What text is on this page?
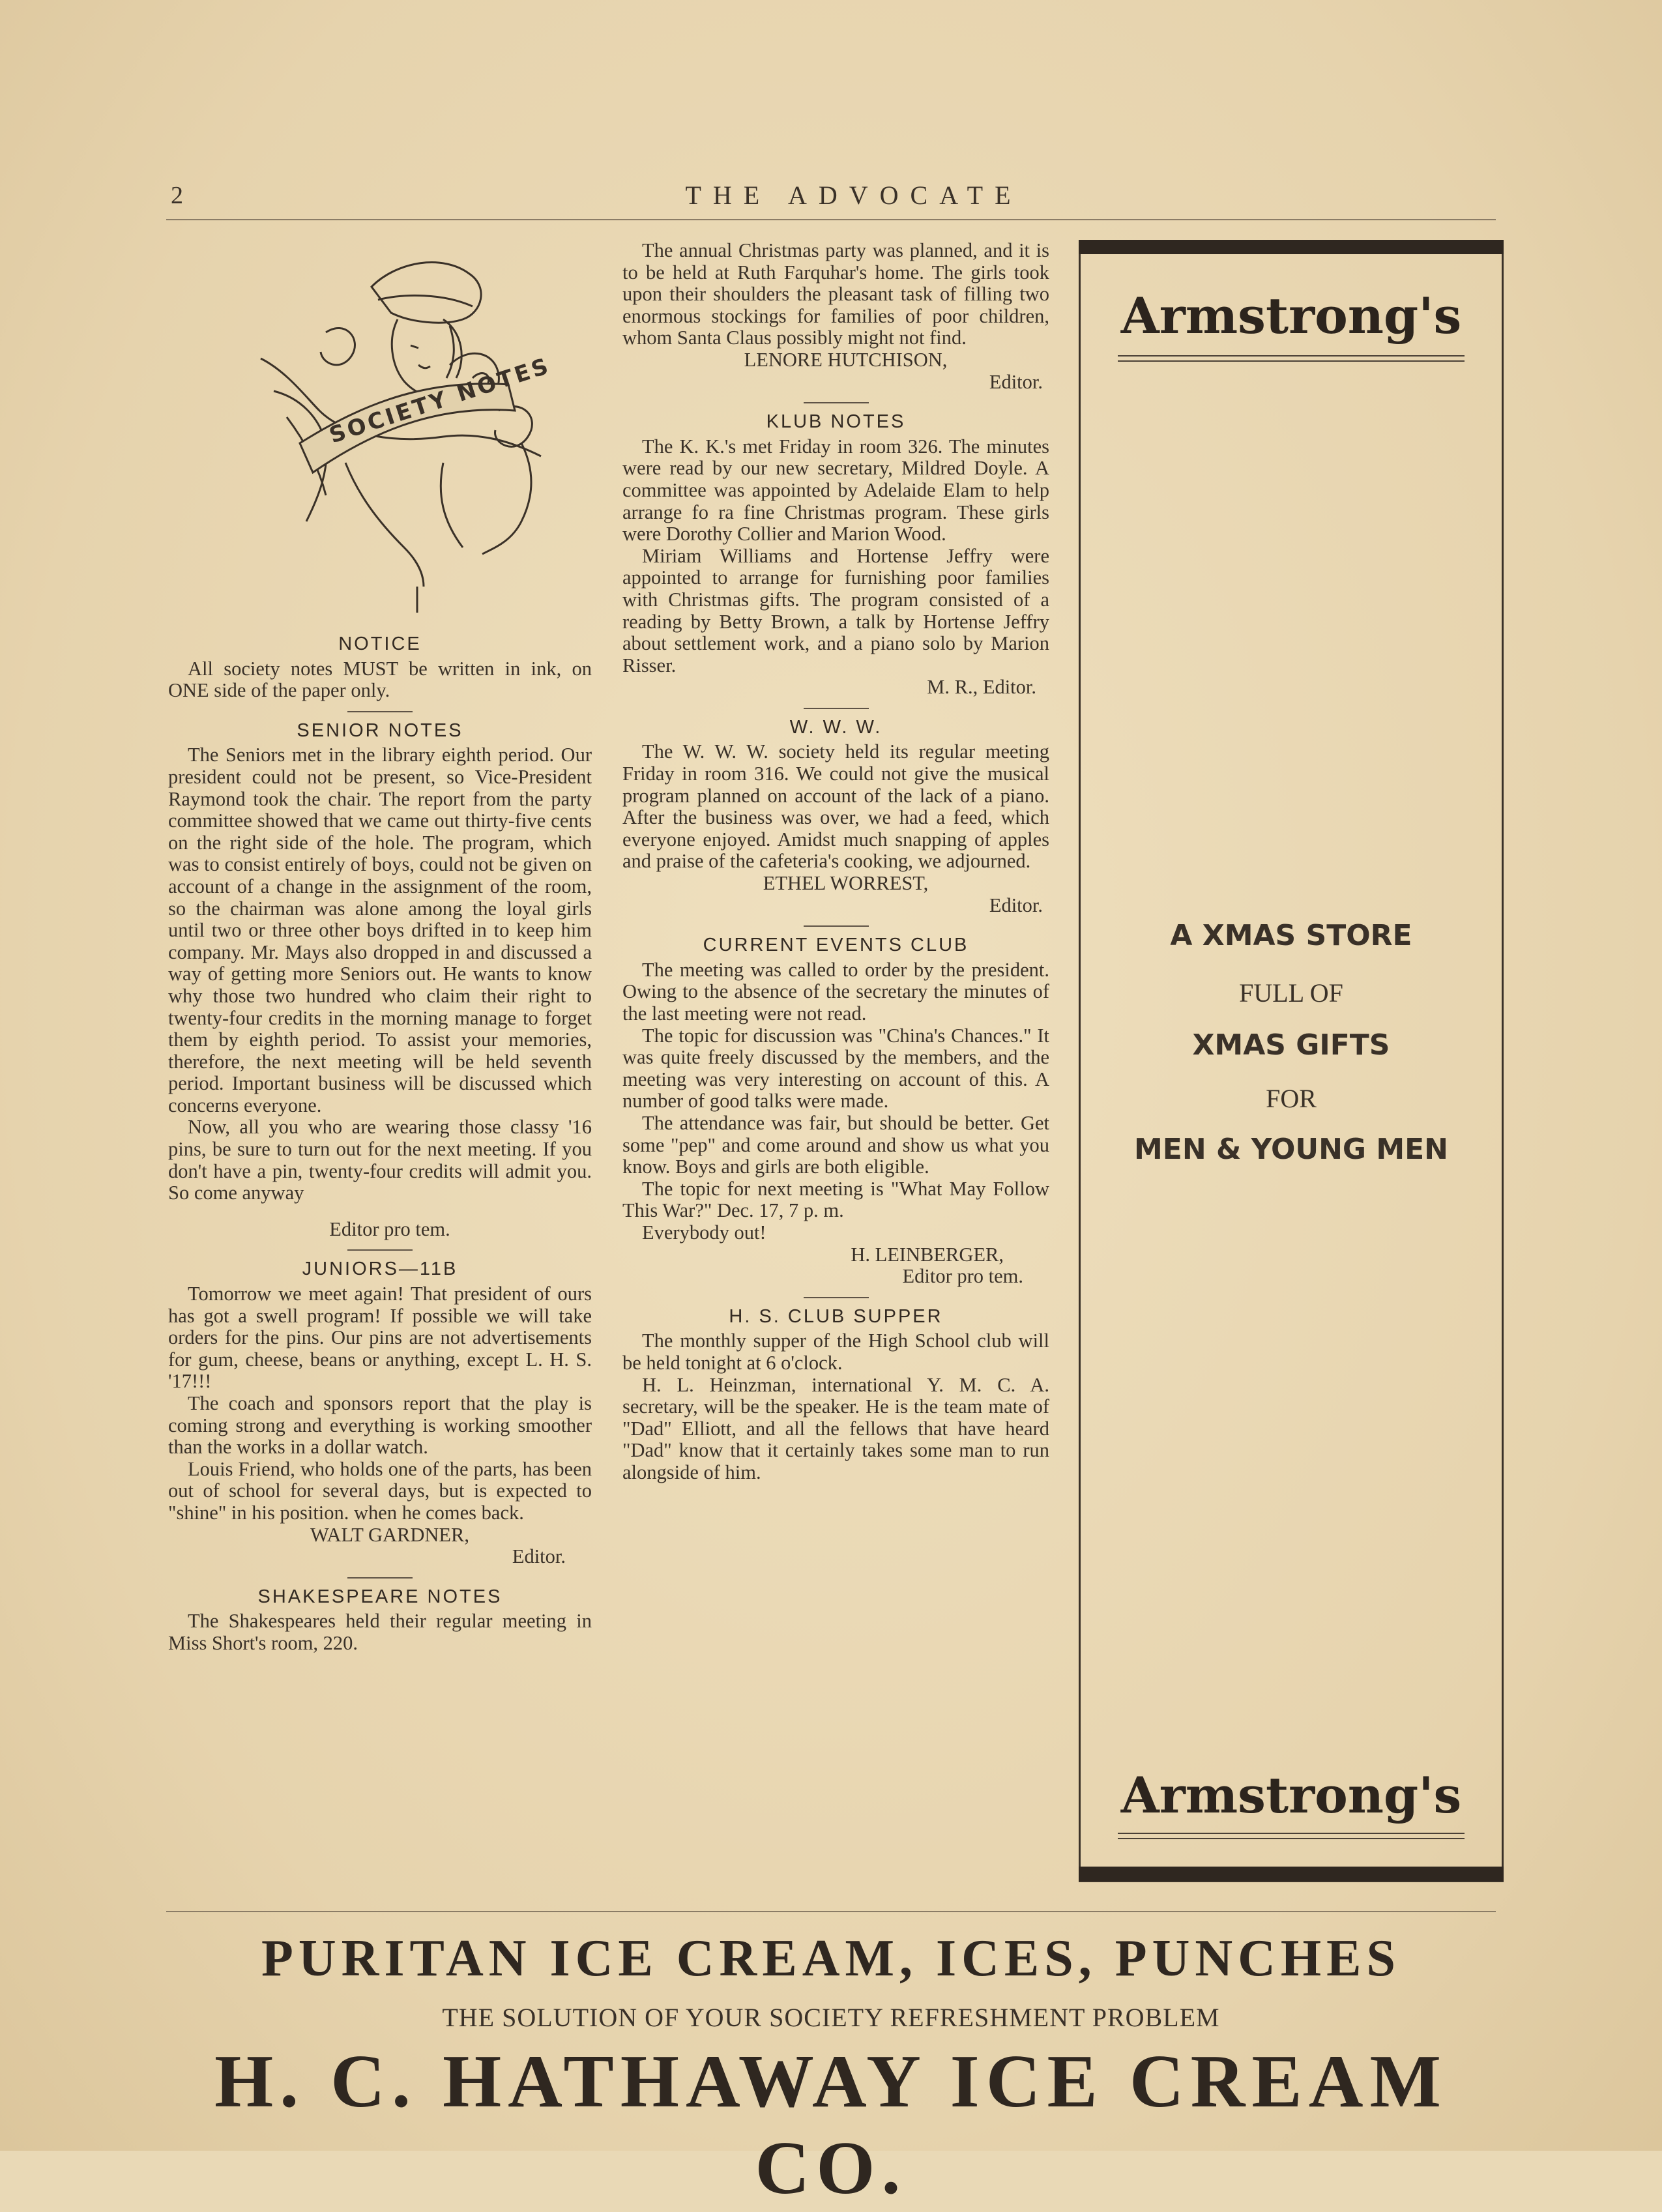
2	THE ADVOCATE
SOCIETY NOTES
NOTICE

All society notes MUST be written in ink, on ONE side of the paper only.

SENIOR NOTES

The Seniors met in the library eighth period. Our president could not be present, so Vice-President Raymond took the chair. The report from the party committee showed that we came out thirty-five cents on the right side of the hole. The program, which was to consist entirely of boys, could not be given on account of a change in the assignment of the room, so the chairman was alone among the loyal girls until two or three other boys drifted in to keep him company. Mr. Mays also dropped in and discussed a way of getting more Seniors out. He wants to know why those two hundred who claim their right to twenty-four credits in the morning manage to forget them by eighth period. To assist your memories, therefore, the next meeting will be held seventh period. Important business will be discussed which concerns everyone.

Now, all you who are wearing those classy '16 pins, be sure to turn out for the next meeting. If you don't have a pin, twenty-four credits will admit you. So come anyway

Editor pro tem.

JUNIORS—11B

Tomorrow we meet again! That president of ours has got a swell program! If possible we will take orders for the pins. Our pins are not advertisements for gum, cheese, beans or anything, except L. H. S. '17!!!

The coach and sponsors report that the play is coming strong and everything is working smoother than the works in a dollar watch.

Louis Friend, who holds one of the parts, has been out of school for several days, but is expected to "shine" in his position. when he comes back.

WALT GARDNER,

Editor.

SHAKESPEARE NOTES

The Shakespeares held their regular meeting in Miss Short's room, 220.

The annual Christmas party was planned, and it is to be held at Ruth Farquhar's home. The girls took upon their shoulders the pleasant task of filling two enormous stockings for families of poor children, whom Santa Claus possibly might not find.

LENORE HUTCHISON,

Editor.

KLUB NOTES

The K. K.'s met Friday in room 326. The minutes were read by our new secretary, Mildred Doyle. A committee was appointed by Adelaide Elam to help arrange fo ra fine Christmas program. These girls were Dorothy Collier and Marion Wood.

Miriam Williams and Hortense Jeffry were appointed to arrange for furnishing poor families with Christmas gifts. The program consisted of a reading by Betty Brown, a talk by Hortense Jeffry about settlement work, and a piano solo by Marion Risser.

M. R., Editor.

W. W. W.

The W. W. W. society held its regular meeting Friday in room 316. We could not give the musical program planned on account of the lack of a piano. After the business was over, we had a feed, which everyone enjoyed. Amidst much snapping of apples and praise of the cafeteria's cooking, we adjourned.

ETHEL WORREST,

Editor.

CURRENT EVENTS CLUB

The meeting was called to order by the president. Owing to the absence of the secretary the minutes of the last meeting were not read.

The topic for discussion was "China's Chances." It was quite freely discussed by the members, and the meeting was very interesting on account of this. A number of good talks were made.

The attendance was fair, but should be better. Get some "pep" and come around and show us what you know. Boys and girls are both eligible.

The topic for next meeting is "What May Follow This War?" Dec. 17, 7 p. m.

Everybody out!

H. LEINBERGER,

Editor pro tem.

H. S. CLUB SUPPER

The monthly supper of the High School club will be held tonight at 6 o'clock.

H. L. Heinzman, international Y. M. C. A. secretary, will be the speaker. He is the team mate of "Dad" Elliott, and all the fellows that have heard "Dad" know that it certainly takes some man to run alongside of him.

Armstrong's
A XMAS STORE
FULL OF
XMAS GIFTS
FOR
MEN & YOUNG MEN
Armstrong's
PURITAN ICE CREAM, ICES, PUNCHES
THE SOLUTION OF YOUR SOCIETY REFRESHMENT PROBLEM
H. C. HATHAWAY ICE CREAM CO.
